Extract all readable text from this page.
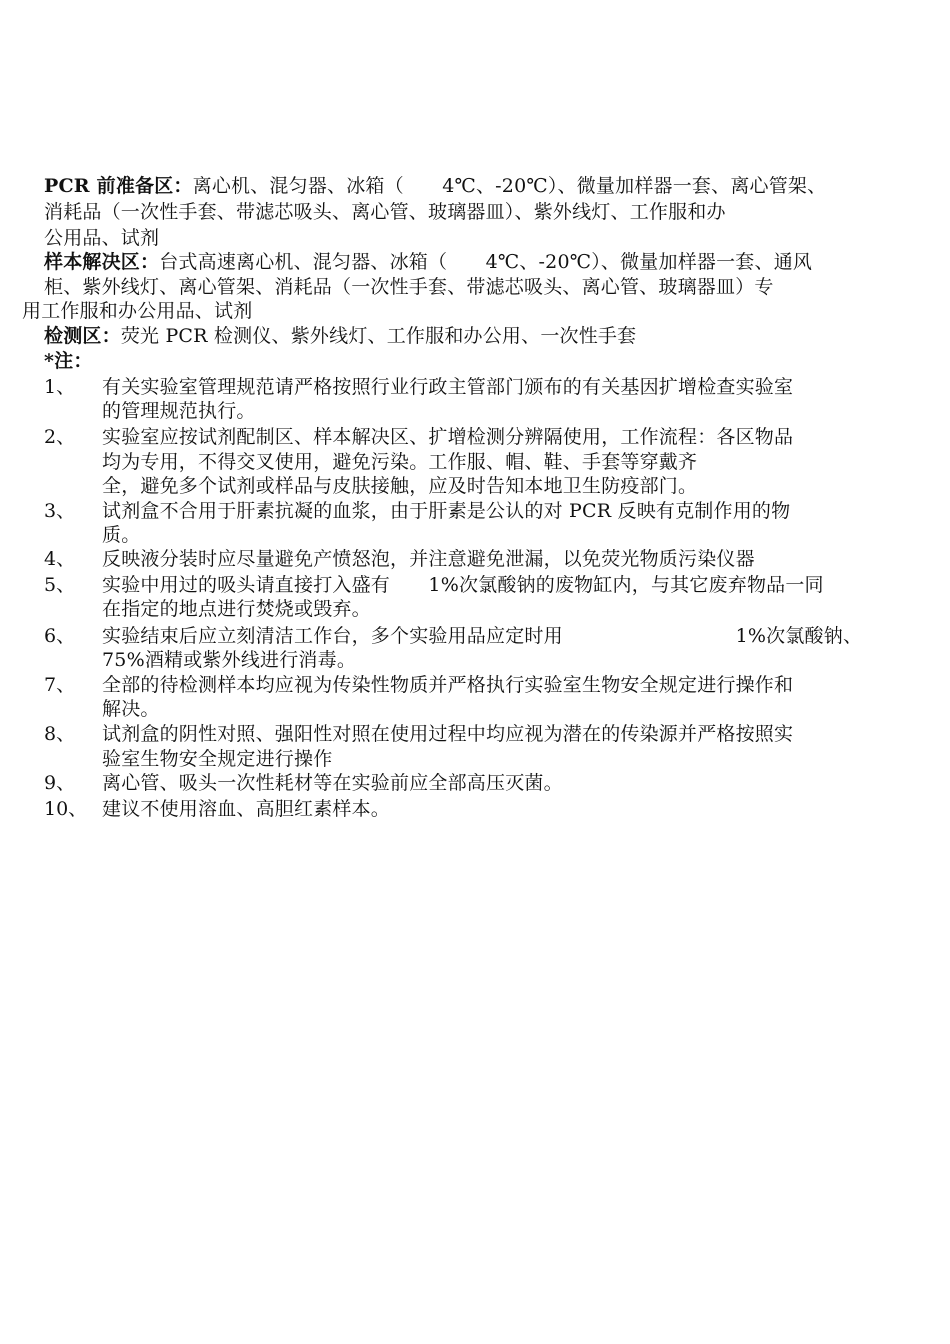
PCR 前准备区：离心机、混匀器、冰箱（　　4℃、-20℃）、微量加样器一套、离心管架、
消耗品（一次性手套、带滤芯吸头、离心管、玻璃器皿）、紫外线灯、工作服和办
公用品、试剂
样本解决区：台式高速离心机、混匀器、冰箱（　　4℃、-20℃）、微量加样器一套、通风
柜、紫外线灯、离心管架、消耗品（一次性手套、带滤芯吸头、离心管、玻璃器皿）专
用工作服和办公用品、试剂
检测区：荧光 PCR 检测仪、紫外线灯、工作服和办公用、一次性手套
*注：
1、 有关实验室管理规范请严格按照行业行政主管部门颁布的有关基因扩增检查实验室
的管理规范执行。
2、 实验室应按试剂配制区、样本解决区、扩增检测分辨隔使用，工作流程：各区物品
均为专用，不得交叉使用，避免污染。工作服、帽、鞋、手套等穿戴齐
全，避免多个试剂或样品与皮肤接触，应及时告知本地卫生防疫部门。
3、 试剂盒不合用于肝素抗凝的血浆，由于肝素是公认的对 PCR 反映有克制作用的物
质。
4、 反映液分装时应尽量避免产愤怒泡，并注意避免泄漏，以免荧光物质污染仪器
5、 实验中用过的吸头请直接打入盛有　　1%次氯酸钠的废物缸内，与其它废弃物品一同
在指定的地点进行焚烧或毁弃。
6、 实验结束后应立刻清洁工作台，多个实验用品应定时用　　　　　　　　　1%次氯酸钠、
75%酒精或紫外线进行消毒。
7、 全部的待检测样本均应视为传染性物质并严格执行实验室生物安全规定进行操作和
解决。
8、 试剂盒的阴性对照、强阳性对照在使用过程中均应视为潜在的传染源并严格按照实
验室生物安全规定进行操作
9、 离心管、吸头一次性耗材等在实验前应全部高压灭菌。
10、 建议不使用溶血、高胆红素样本。
